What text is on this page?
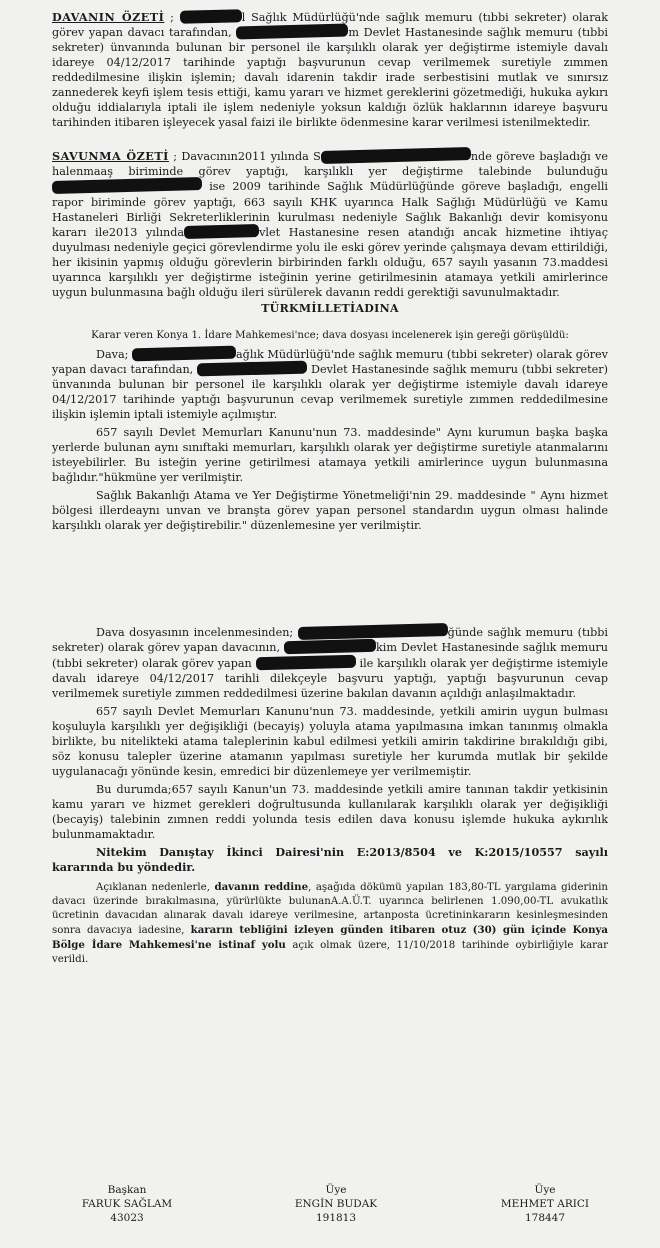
DAVANIN ÖZETİ ;	l Sağlık Müdürlüğü'nde sağlık memuru (tıbbi sekreter) olarak görev yapan davacı tarafından,	m Devlet Hastanesinde sağlık memuru (tıbbi sekreter) ünvanında bulunan bir personel ile karşılıklı olarak yer değiştirme istemiyle davalı idareye 04/12/2017 tarihinde yaptığı başvurunun cevap verilmemek suretiyle zımmen reddedilmesine ilişkin işlemin; davalı idarenin takdir irade serbestisini mutlak ve sınırsız zannederek keyfi işlem tesis ettiği, kamu yararı ve hizmet gereklerini gözetmediği, hukuka aykırı olduğu iddialarıyla iptali ile işlem nedeniyle yoksun kaldığı özlük haklarının idareye başvuru tarihinden itibaren işleyecek yasal faizi ile birlikte ödenmesine karar verilmesi istenilmektedir.

SAVUNMA ÖZETİ ; Davacının2011 yılında S	nde göreve başladığı ve halenmaaş biriminde görev yaptığı, karşılıklı yer değiştirme talebinde bulunduğu  ise 2009 tarihinde Sağlık Müdürlüğünde göreve başladığı, engelli rapor biriminde görev yaptığı, 663 sayılı KHK uyarınca Halk Sağlığı Müdürlüğü ve Kamu Hastaneleri Birliği Sekreterliklerinin kurulması nedeniyle Sağlık Bakanlığı devir komisyonu kararı ile2013 yılında	vlet Hastanesine resen atandığı ancak hizmetine ihtiyaç duyulması nedeniyle geçici görevlendirme yolu ile eski görev yerinde çalışmaya devam ettirildiği, her ikisinin yapmış olduğu görevlerin birbirinden farklı olduğu, 657 sayılı yasanın 73.maddesi uyarınca karşılıklı yer değiştirme isteğinin yerine getirilmesinin atamaya yetkili amirlerince uygun bulunmasına bağlı olduğu ileri sürülerek davanın reddi gerektiği savunulmaktadır.

TÜRKMİLLETİADINA

Karar veren Konya 1. İdare Mahkemesi'nce; dava dosyası incelenerek işin gereği görüşüldü:

Dava;	ağlık Müdürlüğü'nde sağlık memuru (tıbbi sekreter) olarak görev yapan davacı tarafından,	Devlet Hastanesinde sağlık memuru (tıbbi sekreter) ünvanında bulunan bir personel ile karşılıklı olarak yer değiştirme istemiyle davalı idareye 04/12/2017 tarihinde yaptığı başvurunun cevap verilmemek suretiyle zımmen reddedilmesine ilişkin işlemin iptali istemiyle açılmıştır.

657 sayılı Devlet Memurları Kanunu'nun 73. maddesinde" Aynı kurumun başka başka yerlerde bulunan aynı sınıftaki memurları, karşılıklı olarak yer değiştirme suretiyle atanmalarını isteyebilirler. Bu isteğin yerine getirilmesi atamaya yetkili amirlerince uygun bulunmasına bağlıdır."hükmüne yer verilmiştir.

Sağlık Bakanlığı Atama ve Yer Değiştirme Yönetmeliği'nin 29. maddesinde " Aynı hizmet bölgesi illerdeaynı unvan ve branşta görev yapan personel standardın uygun olması halinde karşılıklı olarak yer değiştirebilir." düzenlemesine yer verilmiştir.

Dava dosyasının incelenmesinden;	ğünde sağlık memuru (tıbbi sekreter) olarak görev yapan davacının,	kim Devlet Hastanesinde sağlık memuru (tıbbi sekreter) olarak görev yapan	ile karşılıklı olarak yer değiştirme istemiyle davalı idareye 04/12/2017 tarihli dilekçeyle başvuru yaptığı, yaptığı başvurunun cevap verilmemek suretiyle zımmen reddedilmesi üzerine bakılan davanın açıldığı anlaşılmaktadır.

657 sayılı Devlet Memurları Kanunu'nun 73. maddesinde, yetkili amirin uygun bulması koşuluyla karşılıklı yer değişikliği (becayiş) yoluyla atama yapılmasına imkan tanınmış olmakla birlikte, bu nitelikteki atama taleplerinin kabul edilmesi yetkili amirin takdirine bırakıldığı gibi, söz konusu talepler üzerine atamanın yapılması suretiyle her kurumda mutlak bir şekilde uygulanacağı yönünde kesin, emredici bir düzenlemeye yer verilmemiştir.

Bu durumda;657 sayılı Kanun'un 73. maddesinde yetkili amire tanınan takdir yetkisinin kamu yararı ve hizmet gerekleri doğrultusunda kullanılarak karşılıklı olarak yer değişikliği (becayiş) talebinin zımnen reddi yolunda tesis edilen dava konusu işlemde hukuka aykırılık bulunmamaktadır.

Nitekim Danıştay İkinci Dairesi'nin E:2013/8504 ve K:2015/10557 sayılı kararında bu yöndedir.

Açıklanan nedenlerle, davanın reddine, aşağıda dökümü yapılan 183,80-TL yargılama giderinin davacı üzerinde bırakılmasına, yürürlükte bulunanA.A.Ü.T. uyarınca belirlenen 1.090,00-TL avukatlık ücretinin davacıdan alınarak davalı idareye verilmesine, artanposta ücretininkararın kesinleşmesinden sonra davacıya iadesine, kararın tebliğini izleyen günden itibaren otuz (30) gün içinde Konya Bölge İdare Mahkemesi'ne istinaf yolu açık olmak üzere, 11/10/2018 tarihinde oybirliğiyle karar verildi.

Başkan
FARUK SAĞLAM
43023
Üye
ENGİN BUDAK
191813
Üye
MEHMET ARICI
178447
